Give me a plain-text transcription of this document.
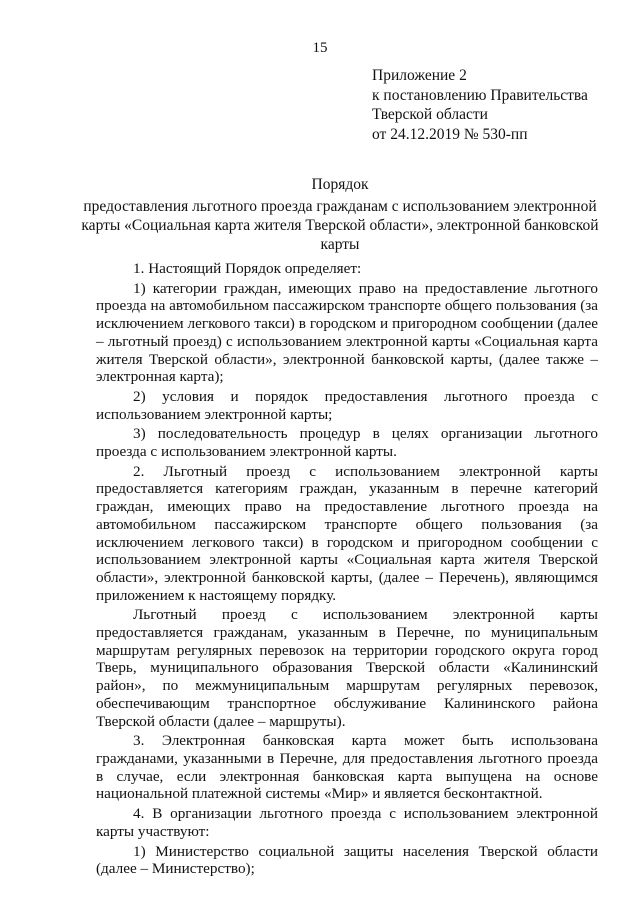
15
Приложение 2
к постановлению Правительства
Тверской области
от 24.12.2019 № 530-пп
Порядок
предоставления льготного проезда гражданам с использованием электронной карты «Социальная карта жителя Тверской области», электронной банковской карты

1. Настоящий Порядок определяет:

1) категории граждан, имеющих право на предоставление льготного проезда на автомобильном пассажирском транспорте общего пользования (за исключением легкового такси) в городском и пригородном сообщении (далее – льготный проезд) с использованием электронной карты «Социальная карта жителя Тверской области», электронной банковской карты, (далее также – электронная карта);

2) условия и порядок предоставления льготного проезда с использованием электронной карты;

3) последовательность процедур в целях организации льготного проезда с использованием электронной карты.

2. Льготный проезд с использованием электронной карты предоставляется категориям граждан, указанным в перечне категорий граждан, имеющих право на предоставление льготного проезда на автомобильном пассажирском транспорте общего пользования (за исключением легкового такси) в городском и пригородном сообщении с использованием электронной карты «Социальная карта жителя Тверской области», электронной банковской карты, (далее – Перечень), являющимся приложением к настоящему порядку.

Льготный проезд с использованием электронной карты предоставляется гражданам, указанным в Перечне, по муниципальным маршрутам регулярных перевозок на территории городского округа город Тверь, муниципального образования Тверской области «Калининский район», по межмуниципальным маршрутам регулярных перевозок, обеспечивающим транспортное обслуживание Калининского района Тверской области (далее – маршруты).

3. Электронная банковская карта может быть использована гражданами, указанными в Перечне, для предоставления льготного проезда в случае, если электронная банковская карта выпущена на основе национальной платежной системы «Мир» и является бесконтактной.

4. В организации льготного проезда с использованием электронной карты участвуют:

1) Министерство социальной защиты населения Тверской области (далее – Министерство);
